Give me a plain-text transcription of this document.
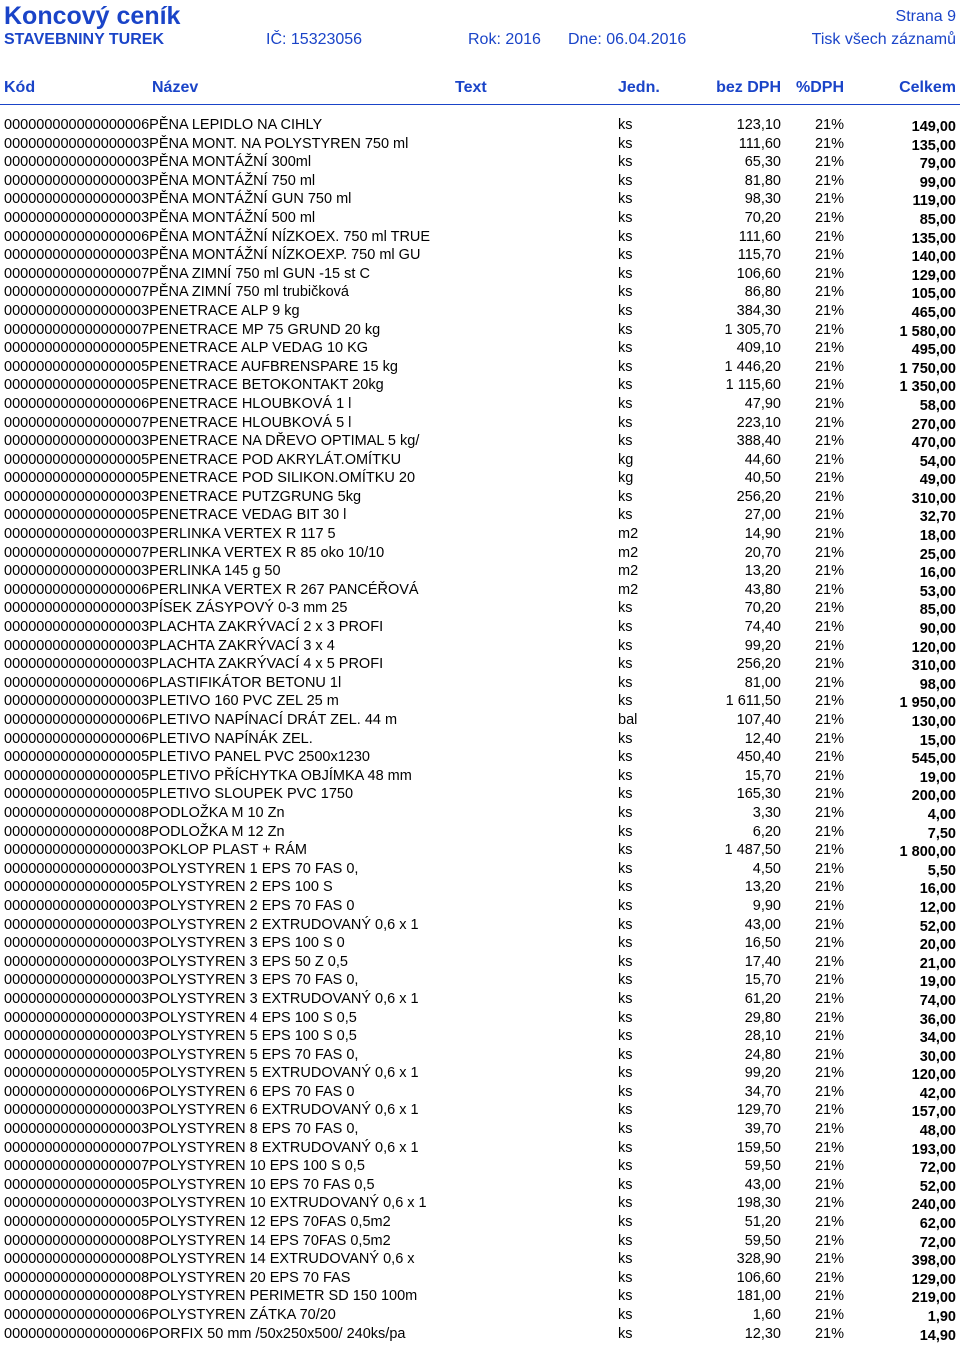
Koncový ceník	Strana 9
STAVEBNINY TUREK	IČ: 15323056	Rok: 2016 Dne: 06.04.2016	Tisk všech záznamů
Kód	Název	Text	Jedn.	bez DPH %DPH	Celkem
000000000000000006PĚNA LEPIDLO NA CIHLY	ks	123,10 21%	149,00
000000000000000003PĚNA MONT. NA POLYSTYREN 750 ml	ks	111,60 21%	135,00
000000000000000003PĚNA MONTÁŽNÍ 300ml	ks	65,30 21%	79,00
000000000000000003PĚNA MONTÁŽNÍ 750 ml	ks	81,80 21%	99,00
000000000000000003PĚNA MONTÁŽNÍ GUN 750 ml	ks	98,30 21%	119,00
000000000000000003PĚNA MONTÁŽNÍ 500 ml	ks	70,20 21%	85,00
000000000000000006PĚNA MONTÁŽNÍ NÍZKOEX. 750 ml TRUE	ks	111,60 21%	135,00
000000000000000003PĚNA MONTÁŽNÍ NÍZKOEXP. 750 ml GU	ks	115,70 21%	140,00
000000000000000007PĚNA ZIMNÍ 750 ml GUN -15 st C	ks	106,60 21%	129,00
000000000000000007PĚNA ZIMNÍ 750 ml trubičková	ks	86,80 21%	105,00
000000000000000003PENETRACE ALP 9 kg	ks	384,30 21%	465,00
000000000000000007PENETRACE MP 75 GRUND 20 kg	ks	1 305,70 21%	1 580,00
000000000000000005PENETRACE ALP VEDAG 10 KG	ks	409,10 21%	495,00
000000000000000005PENETRACE AUFBRENSPARE 15 kg	ks	1 446,20 21%	1 750,00
000000000000000005PENETRACE BETOKONTAKT 20kg	ks	1 115,60 21%	1 350,00
000000000000000006PENETRACE HLOUBKOVÁ 1 l	ks	47,90 21%	58,00
000000000000000007PENETRACE HLOUBKOVÁ 5 l	ks	223,10 21%	270,00
000000000000000003PENETRACE NA DŘEVO OPTIMAL 5 kg/	ks	388,40 21%	470,00
000000000000000005PENETRACE POD AKRYLÁT.OMÍTKU	kg	44,60 21%	54,00
000000000000000005PENETRACE POD SILIKON.OMÍTKU 20	kg	40,50 21%	49,00
000000000000000003PENETRACE PUTZGRUNG 5kg	ks	256,20 21%	310,00
000000000000000005PENETRACE VEDAG BIT 30 l	ks	27,00 21%	32,70
000000000000000003PERLINKA VERTEX R 117 5	m2	14,90 21%	18,00
000000000000000007PERLINKA VERTEX R 85 oko 10/10	m2	20,70 21%	25,00
000000000000000003PERLINKA 145 g 50	m2	13,20 21%	16,00
000000000000000006PERLINKA VERTEX R 267 PANCÉŘOVÁ	m2	43,80 21%	53,00
000000000000000003PÍSEK ZÁSYPOVÝ 0-3 mm 25	ks	70,20 21%	85,00
000000000000000003PLACHTA ZAKRÝVACÍ 2 x 3 PROFI	ks	74,40 21%	90,00
000000000000000003PLACHTA ZAKRÝVACÍ 3 x 4	ks	99,20 21%	120,00
000000000000000003PLACHTA ZAKRÝVACÍ 4 x 5 PROFI	ks	256,20 21%	310,00
000000000000000006PLASTIFIKÁTOR BETONU 1l	ks	81,00 21%	98,00
000000000000000003PLETIVO 160 PVC ZEL 25 m	ks	1 611,50 21%	1 950,00
000000000000000006PLETIVO NAPÍNACÍ DRÁT ZEL. 44 m	bal	107,40 21%	130,00
000000000000000006PLETIVO NAPÍNÁK ZEL.	ks	12,40 21%	15,00
000000000000000005PLETIVO PANEL PVC 2500x1230	ks	450,40 21%	545,00
000000000000000005PLETIVO PŘÍCHYTKA OBJÍMKA 48 mm	ks	15,70 21%	19,00
000000000000000005PLETIVO SLOUPEK PVC 1750	ks	165,30 21%	200,00
000000000000000008PODLOŽKA M 10 Zn	ks	3,30 21%	4,00
000000000000000008PODLOŽKA M 12 Zn	ks	6,20 21%	7,50
000000000000000003POKLOP PLAST + RÁM	ks	1 487,50 21%	1 800,00
000000000000000003POLYSTYREN 1 EPS 70 FAS 0,	ks	4,50 21%	5,50
000000000000000005POLYSTYREN 2 EPS 100 S	ks	13,20 21%	16,00
000000000000000003POLYSTYREN 2 EPS 70 FAS 0	ks	9,90 21%	12,00
000000000000000003POLYSTYREN 2 EXTRUDOVANÝ 0,6 x 1	ks	43,00 21%	52,00
000000000000000003POLYSTYREN 3 EPS 100 S 0	ks	16,50 21%	20,00
000000000000000003POLYSTYREN 3 EPS 50 Z 0,5	ks	17,40 21%	21,00
000000000000000003POLYSTYREN 3 EPS 70 FAS 0,	ks	15,70 21%	19,00
000000000000000003POLYSTYREN 3 EXTRUDOVANÝ 0,6 x 1	ks	61,20 21%	74,00
000000000000000003POLYSTYREN 4 EPS 100 S 0,5	ks	29,80 21%	36,00
000000000000000003POLYSTYREN 5 EPS 100 S 0,5	ks	28,10 21%	34,00
000000000000000003POLYSTYREN 5 EPS 70 FAS 0,	ks	24,80 21%	30,00
000000000000000005POLYSTYREN 5 EXTRUDOVANÝ 0,6 x 1	ks	99,20 21%	120,00
000000000000000006POLYSTYREN 6 EPS 70 FAS 0	ks	34,70 21%	42,00
000000000000000003POLYSTYREN 6 EXTRUDOVANÝ 0,6 x 1	ks	129,70 21%	157,00
000000000000000003POLYSTYREN 8 EPS 70 FAS 0,	ks	39,70 21%	48,00
000000000000000007POLYSTYREN 8 EXTRUDOVANÝ 0,6 x 1	ks	159,50 21%	193,00
000000000000000007POLYSTYREN 10 EPS 100 S 0,5	ks	59,50 21%	72,00
000000000000000005POLYSTYREN 10 EPS 70 FAS 0,5	ks	43,00 21%	52,00
000000000000000003POLYSTYREN 10 EXTRUDOVANÝ 0,6 x 1	ks	198,30 21%	240,00
000000000000000005POLYSTYREN 12 EPS 70FAS 0,5m2	ks	51,20 21%	62,00
000000000000000008POLYSTYREN 14 EPS 70FAS 0,5m2	ks	59,50 21%	72,00
000000000000000008POLYSTYREN 14 EXTRUDOVANÝ 0,6 x	ks	328,90 21%	398,00
000000000000000008POLYSTYREN 20 EPS 70 FAS	ks	106,60 21%	129,00
000000000000000008POLYSTYREN PERIMETR SD 150 100m	ks	181,00 21%	219,00
000000000000000006POLYSTYREN ZÁTKA 70/20	ks	1,60 21%	1,90
000000000000000006PORFIX 50 mm /50x250x500/ 240ks/pa	ks	12,30 21%	14,90
